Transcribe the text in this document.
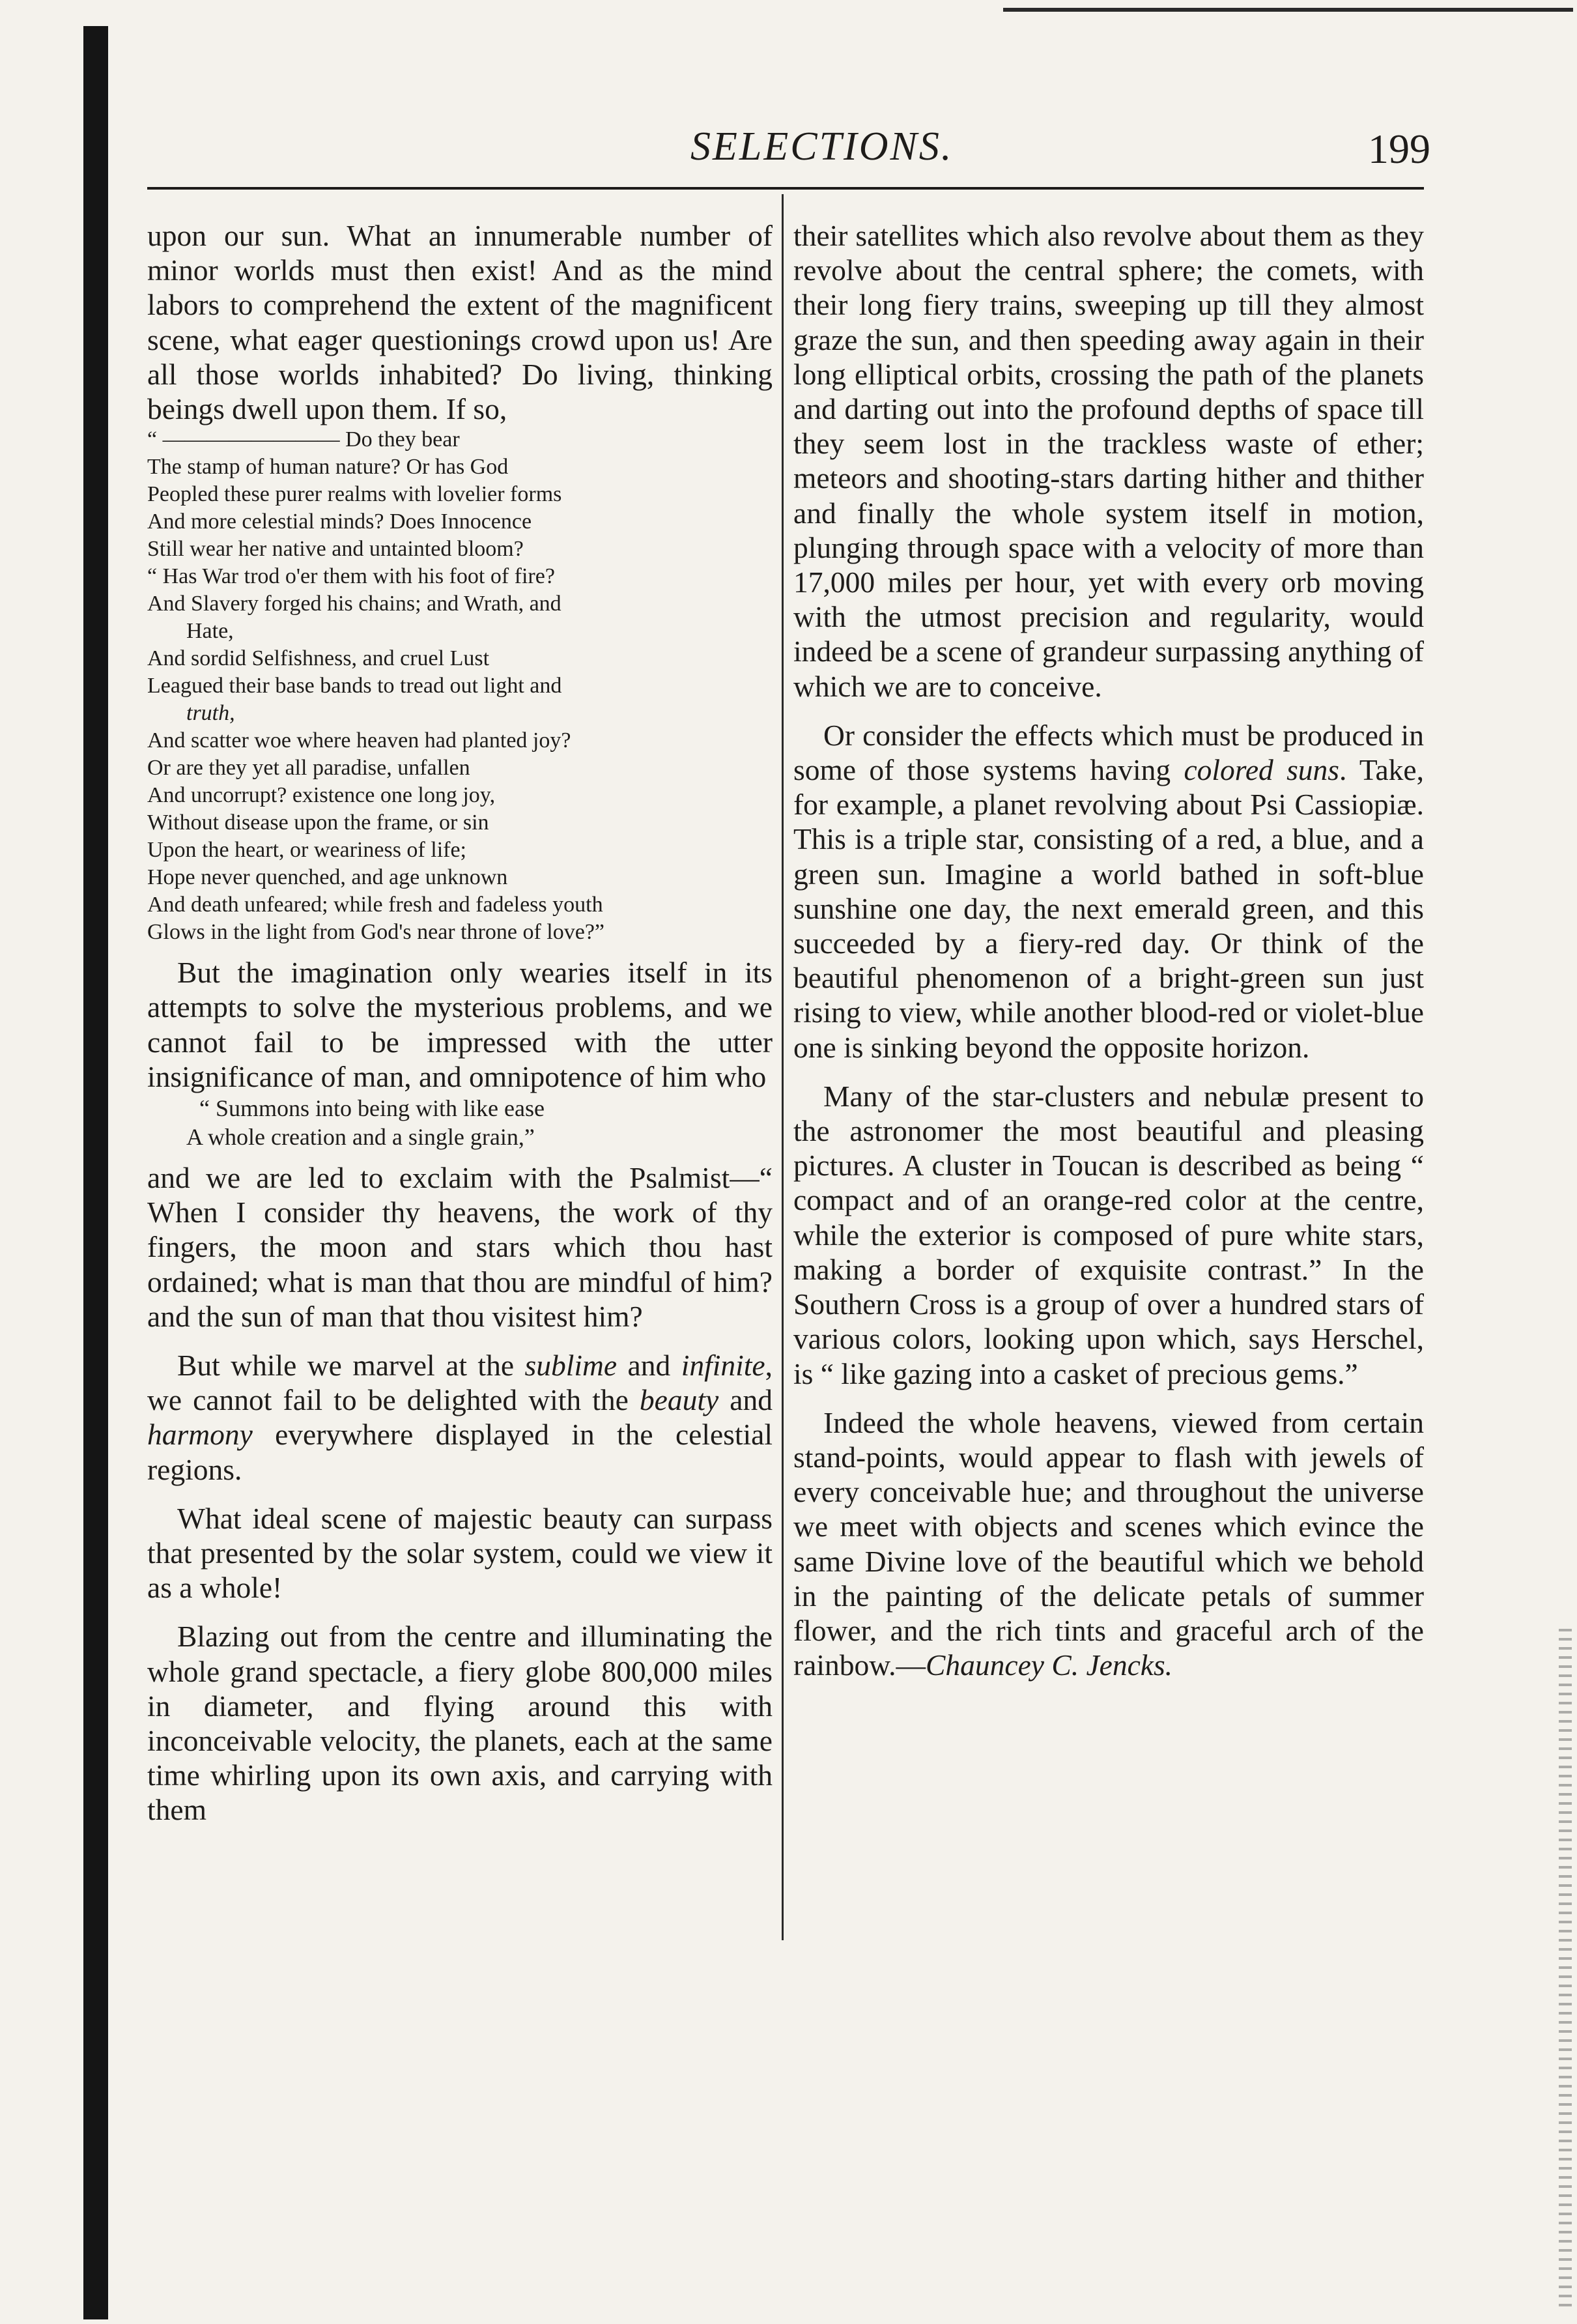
SELECTIONS.	199

upon our sun. What an innumerable number of minor worlds must then exist! And as the mind labors to comprehend the extent of the magnificent scene, what eager questionings crowd upon us! Are all those worlds inhabited? Do living, thinking beings dwell upon them. If so,

“ ———————— Do they bear
The stamp of human nature? Or has God
Peopled these purer realms with lovelier forms
And more celestial minds? Does Innocence
Still wear her native and untainted bloom?
“ Has War trod o'er them with his foot of fire?
And Slavery forged his chains; and Wrath, and
Hate,
And sordid Selfishness, and cruel Lust
Leagued their base bands to tread out light and
truth,
And scatter woe where heaven had planted joy?
Or are they yet all paradise, unfallen
And uncorrupt? existence one long joy,
Without disease upon the frame, or sin
Upon the heart, or weariness of life;
Hope never quenched, and age unknown
And death unfeared; while fresh and fadeless youth
Glows in the light from God's near throne of love?”

But the imagination only wearies itself in its attempts to solve the mysterious problems, and we cannot fail to be impressed with the utter insignificance of man, and omnipotence of him who

“ Summons into being with like ease
A whole creation and a single grain,”

and we are led to exclaim with the Psalmist—“ When I consider thy heavens, the work of thy fingers, the moon and stars which thou hast ordained; what is man that thou are mindful of him? and the sun of man that thou visitest him?

But while we marvel at the sublime and infinite, we cannot fail to be delighted with the beauty and harmony everywhere displayed in the celestial regions.

What ideal scene of majestic beauty can surpass that presented by the solar system, could we view it as a whole!

Blazing out from the centre and illuminating the whole grand spectacle, a fiery globe 800,000 miles in diameter, and flying around this with inconceivable velocity, the planets, each at the same time whirling upon its own axis, and carrying with them

their satellites which also revolve about them as they revolve about the central sphere; the comets, with their long fiery trains, sweeping up till they almost graze the sun, and then speeding away again in their long elliptical orbits, crossing the path of the planets and darting out into the profound depths of space till they seem lost in the trackless waste of ether; meteors and shooting-stars darting hither and thither and finally the whole system itself in motion, plunging through space with a velocity of more than 17,000 miles per hour, yet with every orb moving with the utmost precision and regularity, would indeed be a scene of grandeur surpassing anything of which we are to conceive.

Or consider the effects which must be produced in some of those systems having colored suns. Take, for example, a planet revolving about Psi Cassiopiæ. This is a triple star, consisting of a red, a blue, and a green sun. Imagine a world bathed in soft-blue sunshine one day, the next emerald green, and this succeeded by a fiery-red day. Or think of the beautiful phenomenon of a bright-green sun just rising to view, while another blood-red or violet-blue one is sinking beyond the opposite horizon.

Many of the star-clusters and nebulæ present to the astronomer the most beautiful and pleasing pictures. A cluster in Toucan is described as being “ compact and of an orange-red color at the centre, while the exterior is composed of pure white stars, making a border of exquisite contrast.” In the Southern Cross is a group of over a hundred stars of various colors, looking upon which, says Herschel, is “ like gazing into a casket of precious gems.”

Indeed the whole heavens, viewed from certain stand-points, would appear to flash with jewels of every conceivable hue; and throughout the universe we meet with objects and scenes which evince the same Divine love of the beautiful which we behold in the painting of the delicate petals of summer flower, and the rich tints and graceful arch of the rainbow.—Chauncey C. Jencks.
